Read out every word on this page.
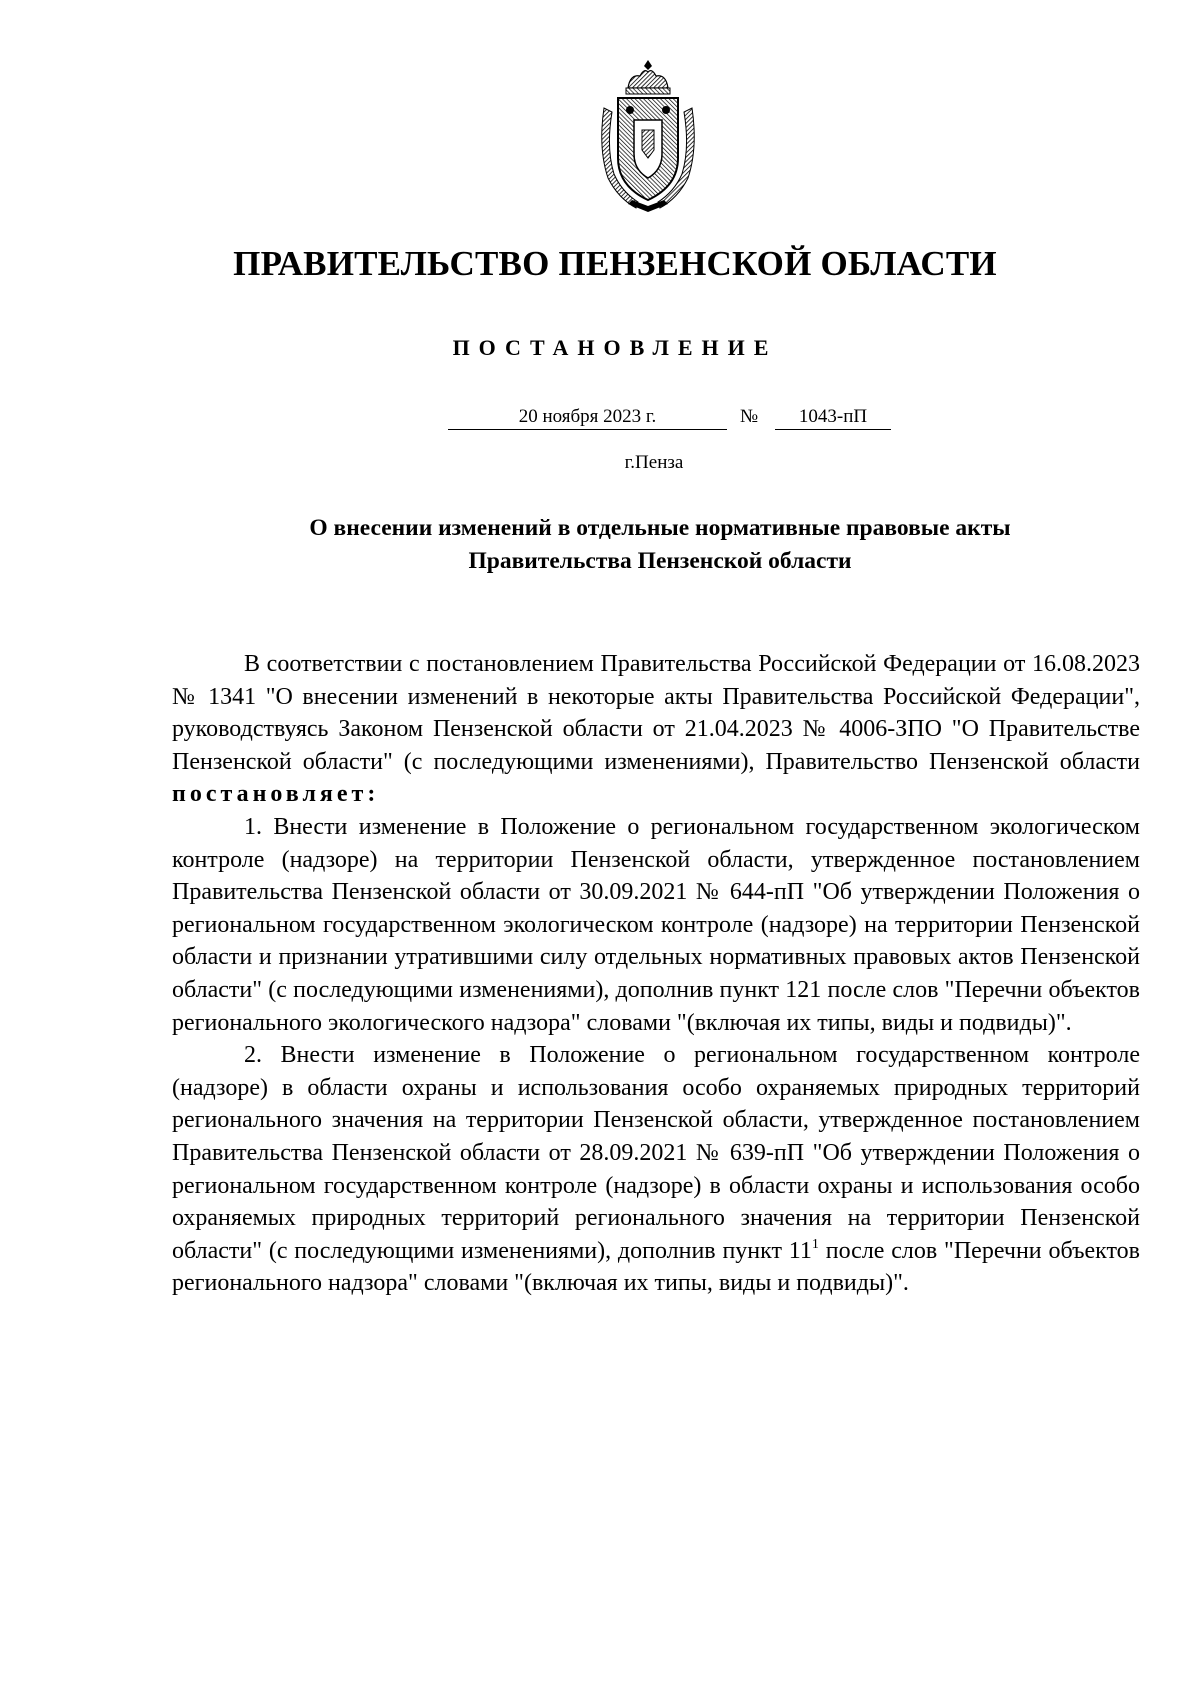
ПРАВИТЕЛЬСТВО ПЕНЗЕНСКОЙ ОБЛАСТИ
ПОСТАНОВЛЕНИЕ
20 ноября 2023 г.	№	1043-пП
г.Пенза
О внесении изменений в отдельные нормативные правовые акты
Правительства Пензенской области

В соответствии с постановлением Правительства Российской Федерации от 16.08.2023 № 1341 "О внесении изменений в некоторые акты Правительства Российской Федерации", руководствуясь Законом Пензенской области от 21.04.2023 № 4006-ЗПО "О Правительстве Пензенской области" (с последующими изменениями), Правительство Пензенской области постановляет:

1. Внести изменение в Положение о региональном государственном экологическом контроле (надзоре) на территории Пензенской области, утвержденное постановлением Правительства Пензенской области от 30.09.2021 № 644-пП "Об утверждении Положения о региональном государственном экологическом контроле (надзоре) на территории Пензенской области и признании утратившими силу отдельных нормативных правовых актов Пензенской области" (с последующими изменениями), дополнив пункт 121 после слов "Перечни объектов регионального экологического надзора" словами "(включая их типы, виды и подвиды)".

2. Внести изменение в Положение о региональном государственном контроле (надзоре) в области охраны и использования особо охраняемых природных территорий регионального значения на территории Пензенской области, утвержденное постановлением Правительства Пензенской области от 28.09.2021 № 639-пП "Об утверждении Положения о региональном государственном контроле (надзоре) в области охраны и использования особо охраняемых природных территорий регионального значения на территории Пензенской области" (с последующими изменениями), дополнив пункт $11^1$ после слов "Перечни объектов регионального надзора" словами "(включая их типы, виды и подвиды)".
